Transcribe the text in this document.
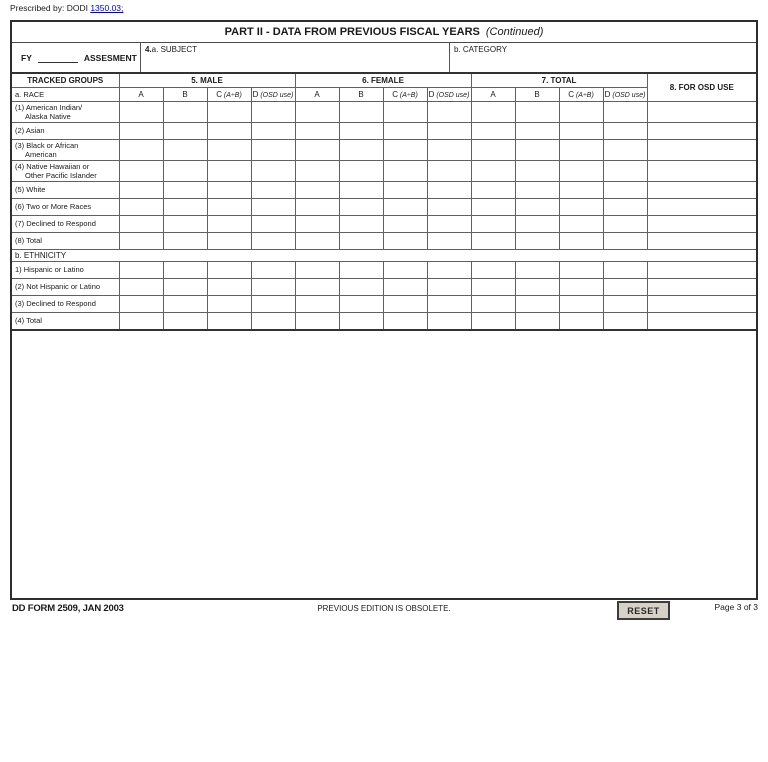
Prescribed by: DODI 1350.03;
PART II - DATA FROM PREVIOUS FISCAL YEARS (Continued)
FY	ASSESMENT
4.a. SUBJECT	b. CATEGORY
TRACKED GROUPS	5. MALE				6. FEMALE				7. TOTAL				8. FOR OSD USE
a. RACE	A	B	C (A÷B)	D (OSD use)	A	B	C (A÷B)	D (OSD use)	A	B	C (A÷B)	D (OSD use)	

(1) American Indian/
Alaska Native													

(2) Asian													

(3) Black or African
American													

(4) Native Hawaiian or
Other Pacific Islander													

(5) White													

(6) Two or More Races													

(7) Declined to Respond													

(8) Total													

b. ETHNICITY													

1) Hispanic or Latino													

(2) Not Hispanic or Latino													

(3) Declined to Respond													

(4) Total													

DD FORM 2509, JAN 2003	PREVIOUS EDITION IS OBSOLETE.	RESET	Page 3 of 3
